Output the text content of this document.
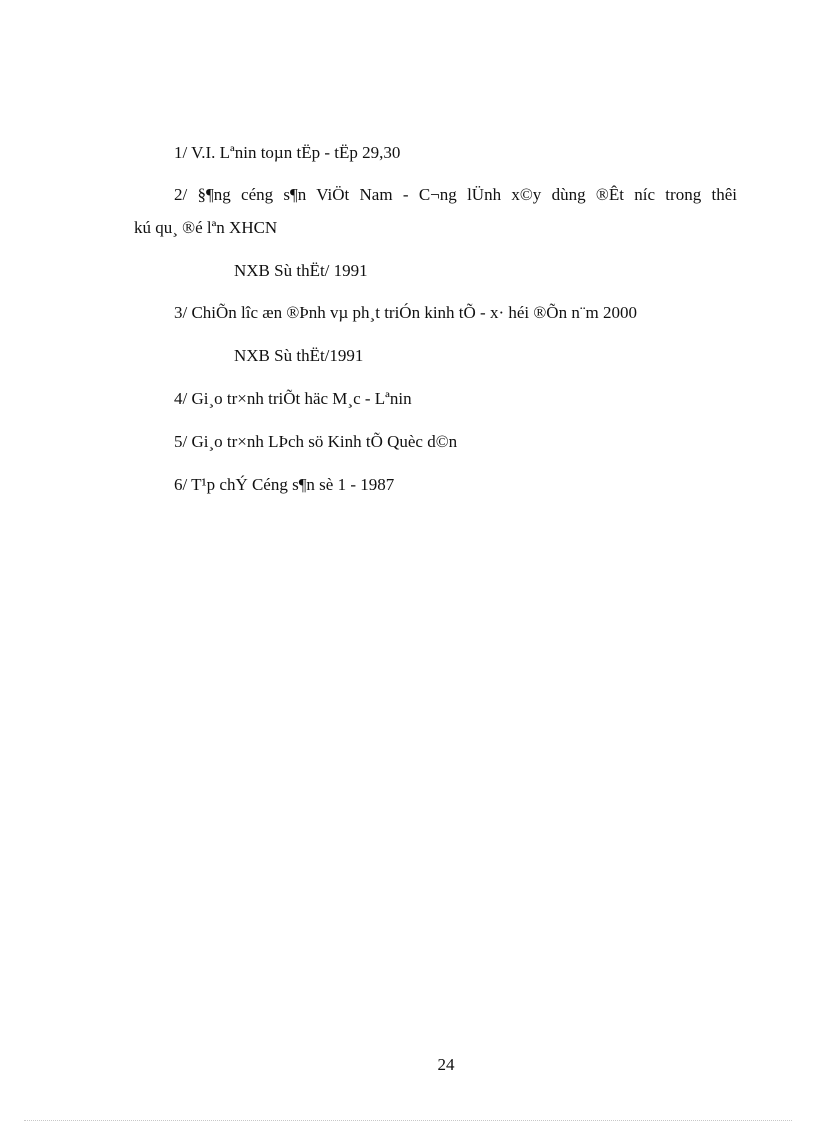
1/ V.I. Lªnin toµn tËp - tËp 29,30
2/ §¶ng céng s¶n ViÖt Nam - C¬ng lÜnh x©y dùng ®Êt níc trong thêi
kú qu¸ ®é lªn XHCN
NXB Sù thËt/ 1991
3/ ChiÕn lîc æn ®Þnh vµ ph¸t triÓn kinh tÕ - x· héi ®Õn n¨m 2000
NXB Sù thËt/1991
4/ Gi¸o tr×nh triÕt häc M¸c - Lªnin
5/ Gi¸o tr×nh LÞch sö Kinh tÕ Quèc d©n
6/ T¹p chÝ Céng s¶n sè 1 - 1987
24
